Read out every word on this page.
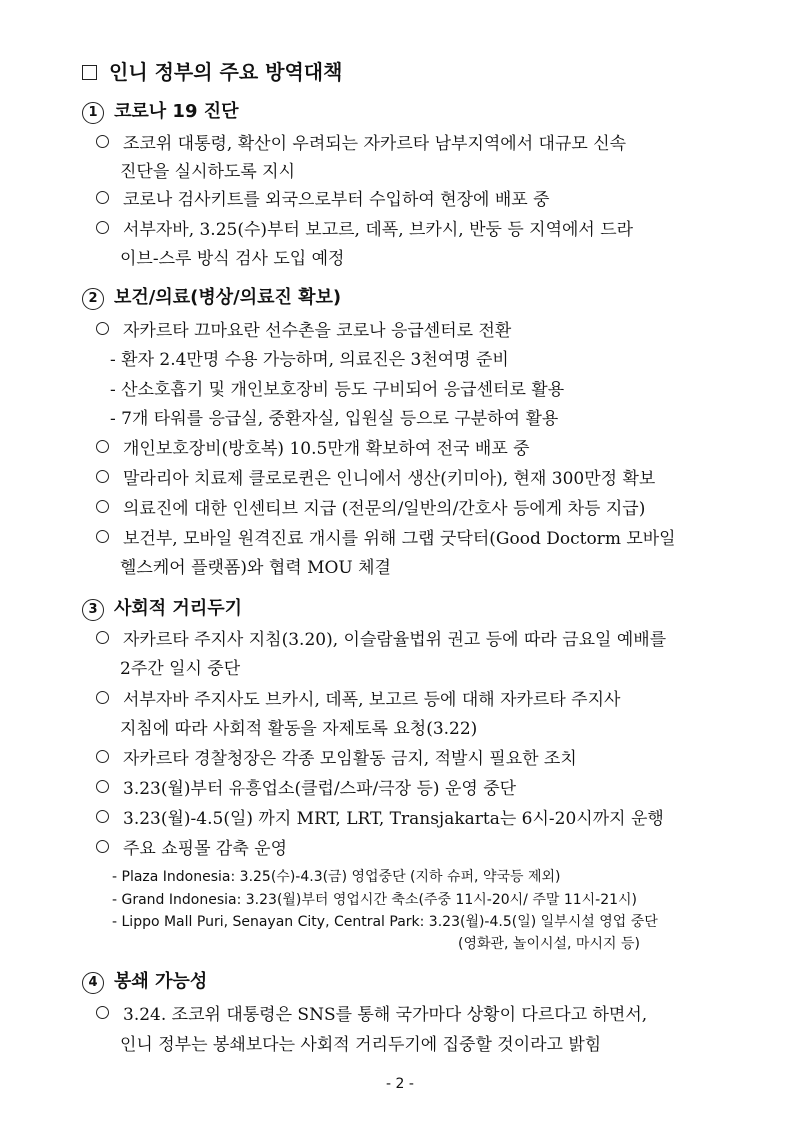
인니 정부의 주요 방역대책
1 코로나 19 진단
조코위 대통령, 확산이 우려되는 자카르타 남부지역에서 대규모 신속
진단을 실시하도록 지시
코로나 검사키트를 외국으로부터 수입하여 현장에 배포 중
서부자바, 3.25(수)부터 보고르, 데폭, 브카시, 반둥 등 지역에서 드라
이브-스루 방식 검사 도입 예정
2 보건/의료(병상/의료진 확보)
자카르타 끄마요란 선수촌을 코로나 응급센터로 전환
- 환자 2.4만명 수용 가능하며, 의료진은 3천여명 준비
- 산소호흡기 및 개인보호장비 등도 구비되어 응급센터로 활용
- 7개 타워를 응급실, 중환자실, 입원실 등으로 구분하여 활용
개인보호장비(방호복) 10.5만개 확보하여 전국 배포 중
말라리아 치료제 클로로퀸은 인니에서 생산(키미아), 현재 300만정 확보
의료진에 대한 인센티브 지급 (전문의/일반의/간호사 등에게 차등 지급)
보건부, 모바일 원격진료 개시를 위해 그랩 굿닥터(Good Doctorm 모바일
헬스케어 플랫폼)와 협력 MOU 체결
3 사회적 거리두기
자카르타 주지사 지침(3.20), 이슬람율법위 권고 등에 따라 금요일 예배를
2주간 일시 중단
서부자바 주지사도 브카시, 데폭, 보고르 등에 대해 자카르타 주지사
지침에 따라 사회적 활동을 자제토록 요청(3.22)
자카르타 경찰청장은 각종 모임활동 금지, 적발시 필요한 조치
3.23(월)부터 유흥업소(클럽/스파/극장 등) 운영 중단
3.23(월)-4.5(일) 까지 MRT, LRT, Transjakarta는 6시-20시까지 운행
주요 쇼핑몰 감축 운영
- Plaza Indonesia: 3.25(수)-4.3(금) 영업중단 (지하 슈퍼, 약국등 제외)
- Grand Indonesia: 3.23(월)부터 영업시간 축소(주중 11시-20시/ 주말 11시-21시)
- Lippo Mall Puri, Senayan City, Central Park: 3.23(월)-4.5(일) 일부시설 영업 중단
(영화관, 놀이시설, 마시지 등)
4 봉쇄 가능성
3.24. 조코위 대통령은 SNS를 통해 국가마다 상황이 다르다고 하면서,
인니 정부는 봉쇄보다는 사회적 거리두기에 집중할 것이라고 밝힘
- 2 -
